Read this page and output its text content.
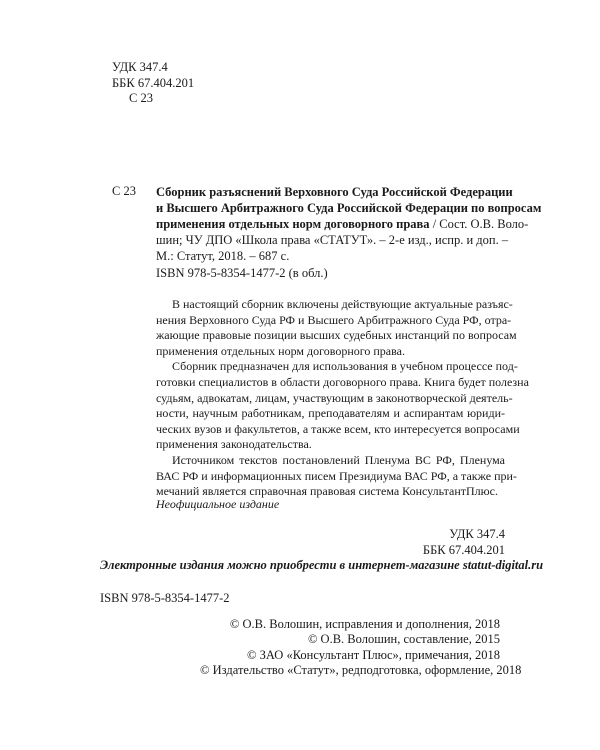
УДК 347.4
ББК 67.404.201
С 23
С 23 Сборник разъяснений Верховного Суда Российской Федерации
и Высшего Арбитражного Суда Российской Федерации по вопросам
применения отдельных норм договорного права / Сост. О.В. Воло-
шин; ЧУ ДПО «Школа права «СТАТУТ». – 2-е изд., испр. и доп. –
М.: Статут, 2018. – 687 с.
ISBN 978-5-8354-1477-2 (в обл.)
В настоящий сборник включены действующие актуальные разъяс-
нения Верховного Суда РФ и Высшего Арбитражного Суда РФ, отра-
жающие правовые позиции высших судебных инстанций по вопросам
применения отдельных норм договорного права.
Сборник предназначен для использования в учебном процессе под-
готовки специалистов в области договорного права. Книга будет полезна
судьям, адвокатам, лицам, участвующим в законотворческой деятель-
ности, научным работникам, преподавателям и аспирантам юриди-
ческих вузов и факультетов, а также всем, кто интересуется вопросами
применения законодательства.
Источником текстов постановлений Пленума ВС РФ, Пленума
ВАС РФ и информационных писем Президиума ВАС РФ, а также при-
мечаний является справочная правовая система КонсультантПлюс.
Неофициальное издание
УДК 347.4
ББК 67.404.201
Электронные издания можно приобрести в интернет-магазине statut-digital.ru
ISBN 978-5-8354-1477-2
© О.В. Волошин, исправления и дополнения, 2018
© О.В. Волошин, составление, 2015
© ЗАО «Консультант Плюс», примечания, 2018
© Издательство «Статут», редподготовка, оформление, 2018
